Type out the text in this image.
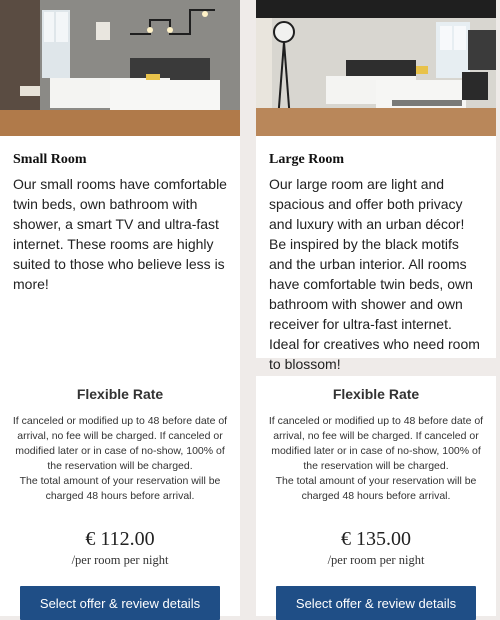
Small Room

Our small rooms have comfortable twin beds, own bathroom with shower, a smart TV and ultra-fast internet. These rooms are highly suited to those who believe less is more!

Large Room

Our large room are light and spacious and offer both privacy and luxury with an urban décor! Be inspired by the black motifs and the urban interior. All rooms have comfortable twin beds, own bathroom with shower and own receiver for ultra-fast internet. Ideal for creatives who need room to blossom!

Flexible Rate
If canceled or modified up to 48 before date of arrival, no fee will be charged. If canceled or modified later or in case of no-show, 100% of the reservation will be charged.
The total amount of your reservation will be charged 48 hours before arrival.
€ 112.00
/per room per night
Select offer & review details
Flexible Rate
If canceled or modified up to 48 before date of arrival, no fee will be charged. If canceled or modified later or in case of no-show, 100% of the reservation will be charged.
The total amount of your reservation will be charged 48 hours before arrival.
€ 135.00
/per room per night
Select offer & review details
